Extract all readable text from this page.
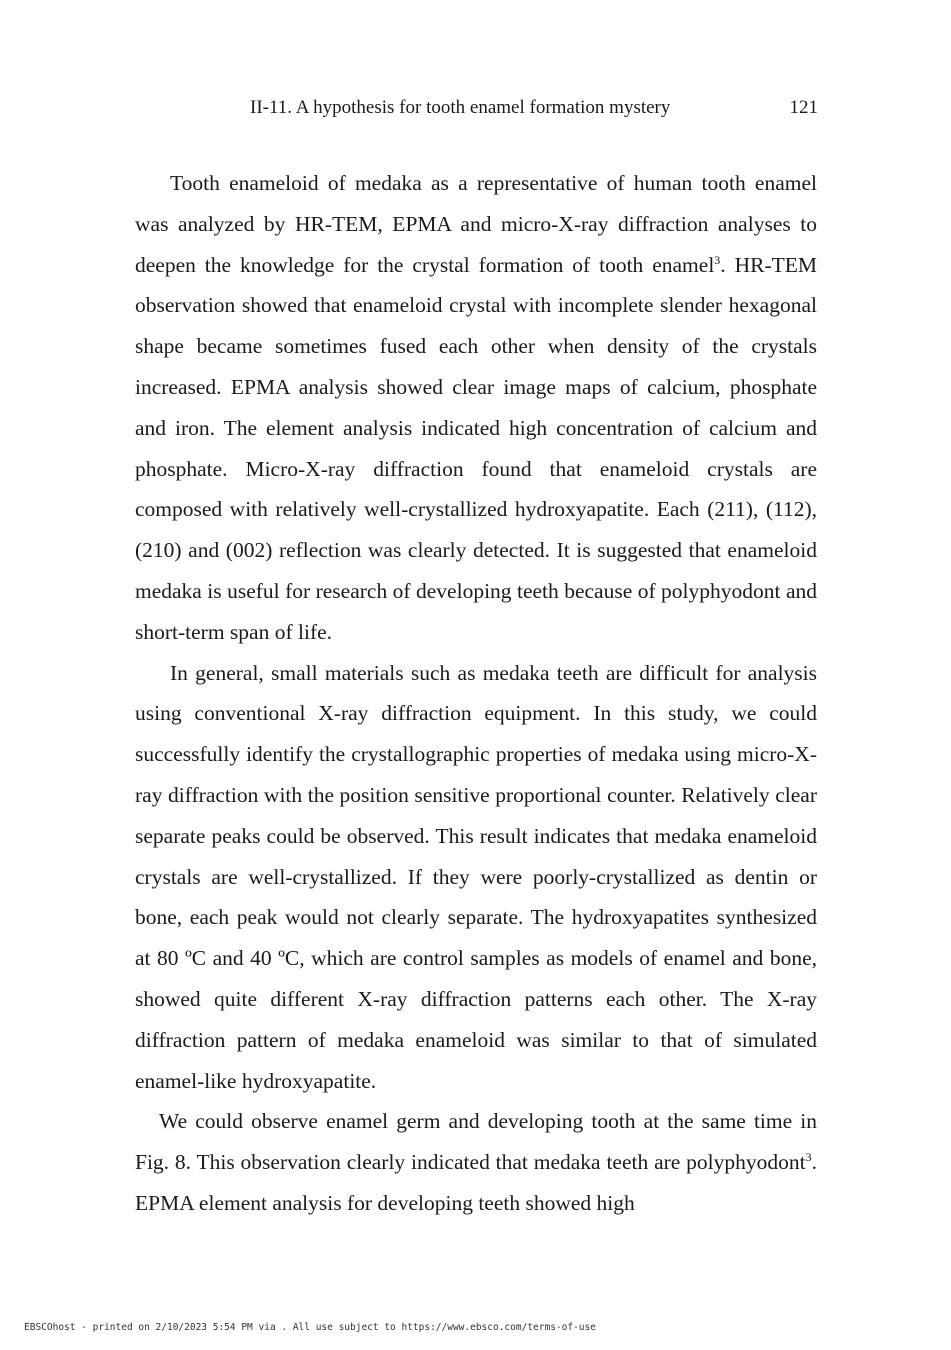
II-11. A hypothesis for tooth enamel formation mystery	121

Tooth enameloid of medaka as a representative of human tooth enamel was analyzed by HR-TEM, EPMA and micro-X-ray diffraction analyses to deepen the knowledge for the crystal formation of tooth enamel$^3$. HR-TEM observation showed that enameloid crystal with incomplete slender hexagonal shape became sometimes fused each other when density of the crystals increased. EPMA analysis showed clear image maps of calcium, phosphate and iron. The element analysis indicated high concentration of calcium and phosphate. Micro-X-ray diffraction found that enameloid crystals are composed with relatively well-crystallized hydroxyapatite. Each (211), (112), (210) and (002) reflection was clearly detected. It is suggested that enameloid medaka is useful for research of developing teeth because of polyphyodont and short-term span of life.

In general, small materials such as medaka teeth are difficult for analysis using conventional X-ray diffraction equipment. In this study, we could successfully identify the crystallographic properties of medaka using micro-X-ray diffraction with the position sensitive proportional counter. Relatively clear separate peaks could be observed. This result indicates that medaka enameloid crystals are well-crystallized. If they were poorly-crystallized as dentin or bone, each peak would not clearly separate. The hydroxyapatites synthesized at 80 ºC and 40 ºC, which are control samples as models of enamel and bone, showed quite different X-ray diffraction patterns each other. The X-ray diffraction pattern of medaka enameloid was similar to that of simulated enamel-like hydroxyapatite.

We could observe enamel germ and developing tooth at the same time in Fig. 8. This observation clearly indicated that medaka teeth are polyphyodont$^3$. EPMA element analysis for developing teeth showed high

EBSCOhost - printed on 2/10/2023 5:54 PM via . All use subject to https://www.ebsco.com/terms-of-use
